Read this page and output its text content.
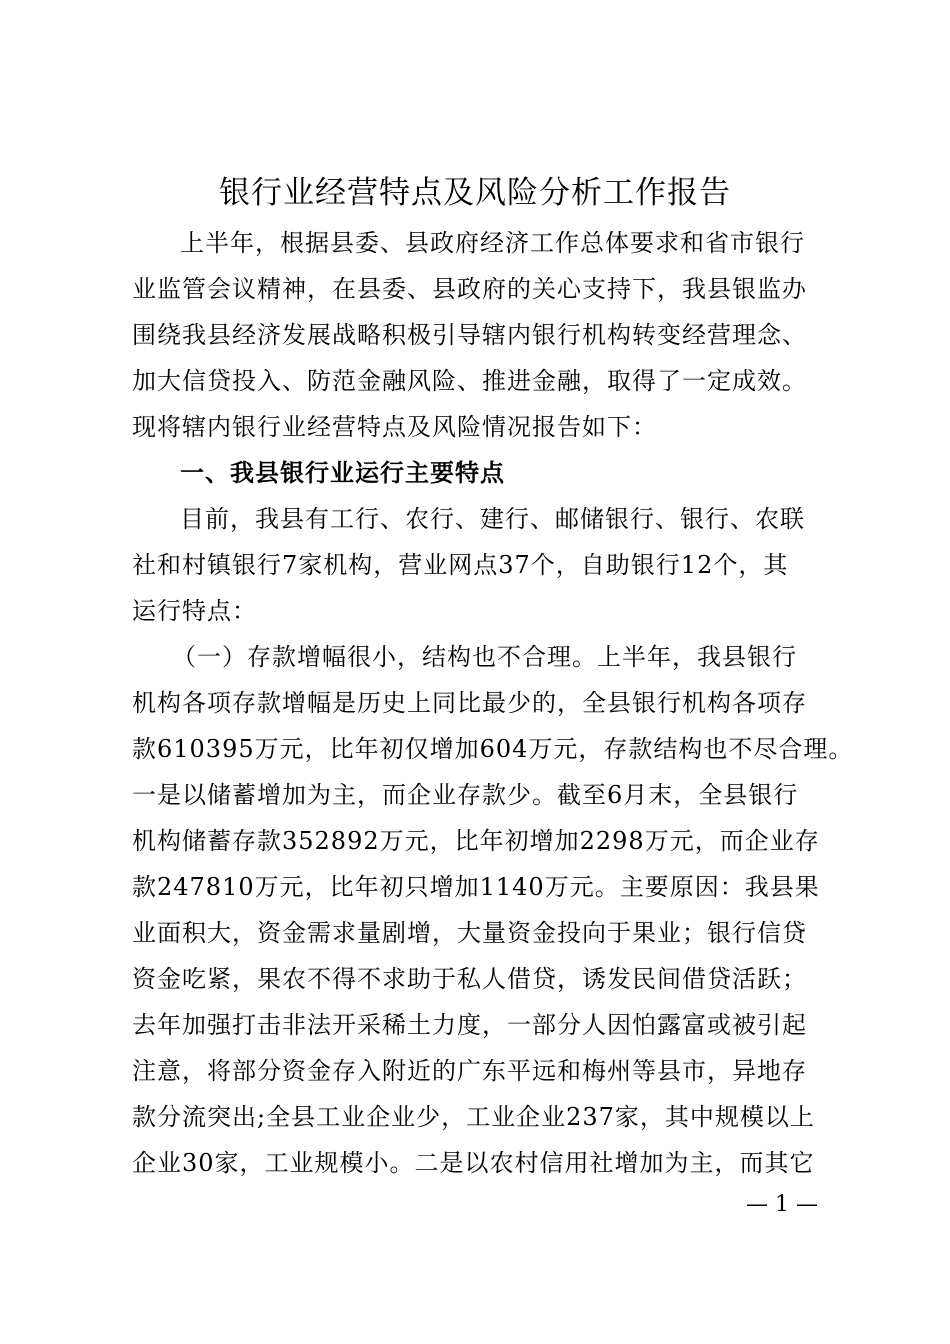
银行业经营特点及风险分析工作报告
上半年，根据县委、县政府经济工作总体要求和省市银行
业监管会议精神，在县委、县政府的关心支持下，我县银监办
围绕我县经济发展战略积极引导辖内银行机构转变经营理念、
加大信贷投入、防范金融风险、推进金融，取得了一定成效。
现将辖内银行业经营特点及风险情况报告如下：
一、我县银行业运行主要特点
目前，我县有工行、农行、建行、邮储银行、银行、农联
社和村镇银行7家机构，营业网点37个，自助银行12个，其
运行特点：
（一）存款增幅很小，结构也不合理。上半年，我县银行
机构各项存款增幅是历史上同比最少的，全县银行机构各项存
款610395万元，比年初仅增加604万元，存款结构也不尽合理。
一是以储蓄增加为主，而企业存款少。截至6月末，全县银行
机构储蓄存款352892万元，比年初增加2298万元，而企业存
款247810万元，比年初只增加1140万元。主要原因：我县果
业面积大，资金需求量剧增，大量资金投向于果业；银行信贷
资金吃紧，果农不得不求助于私人借贷，诱发民间借贷活跃；
去年加强打击非法开采稀土力度，一部分人因怕露富或被引起
注意，将部分资金存入附近的广东平远和梅州等县市，异地存
款分流突出;全县工业企业少，工业企业237家，其中规模以上
企业30家，工业规模小。二是以农村信用社增加为主，而其它
— 1 —
